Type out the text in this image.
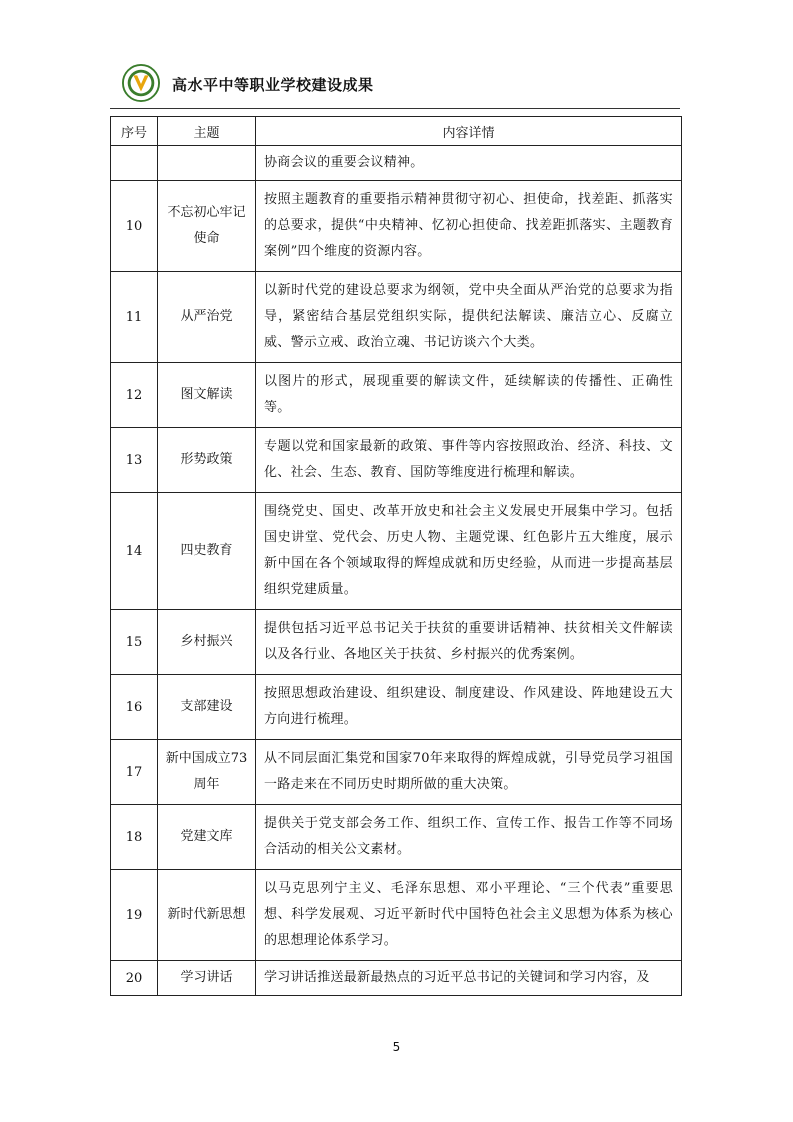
高水平中等职业学校建设成果
序号	主题	内容详情
		协商会议的重要会议精神。
10	不忘初心牢记使命	按照主题教育的重要指示精神贯彻守初心、担使命，找差距、抓落实的总要求，提供“中央精神、忆初心担使命、找差距抓落实、主题教育案例”四个维度的资源内容。
11	从严治党	以新时代党的建设总要求为纲领，党中央全面从严治党的总要求为指导，紧密结合基层党组织实际，提供纪法解读、廉洁立心、反腐立威、警示立戒、政治立魂、书记访谈六个大类。
12	图文解读	以图片的形式，展现重要的解读文件，延续解读的传播性、正确性等。
13	形势政策	专题以党和国家最新的政策、事件等内容按照政治、经济、科技、文化、社会、生态、教育、国防等维度进行梳理和解读。
14	四史教育	围绕党史、国史、改革开放史和社会主义发展史开展集中学习。包括国史讲堂、党代会、历史人物、主题党课、红色影片五大维度，展示新中国在各个领域取得的辉煌成就和历史经验，从而进一步提高基层组织党建质量。
15	乡村振兴	提供包括习近平总书记关于扶贫的重要讲话精神、扶贫相关文件解读以及各行业、各地区关于扶贫、乡村振兴的优秀案例。
16	支部建设	按照思想政治建设、组织建设、制度建设、作风建设、阵地建设五大方向进行梳理。
17	新中国成立73周年	从不同层面汇集党和国家70年来取得的辉煌成就，引导党员学习祖国一路走来在不同历史时期所做的重大决策。
18	党建文库	提供关于党支部会务工作、组织工作、宣传工作、报告工作等不同场合活动的相关公文素材。
19	新时代新思想	以马克思列宁主义、毛泽东思想、邓小平理论、“三个代表”重要思想、科学发展观、习近平新时代中国特色社会主义思想为体系为核心的思想理论体系学习。
20	学习讲话	学习讲话推送最新最热点的习近平总书记的关键词和学习内容，及
5
